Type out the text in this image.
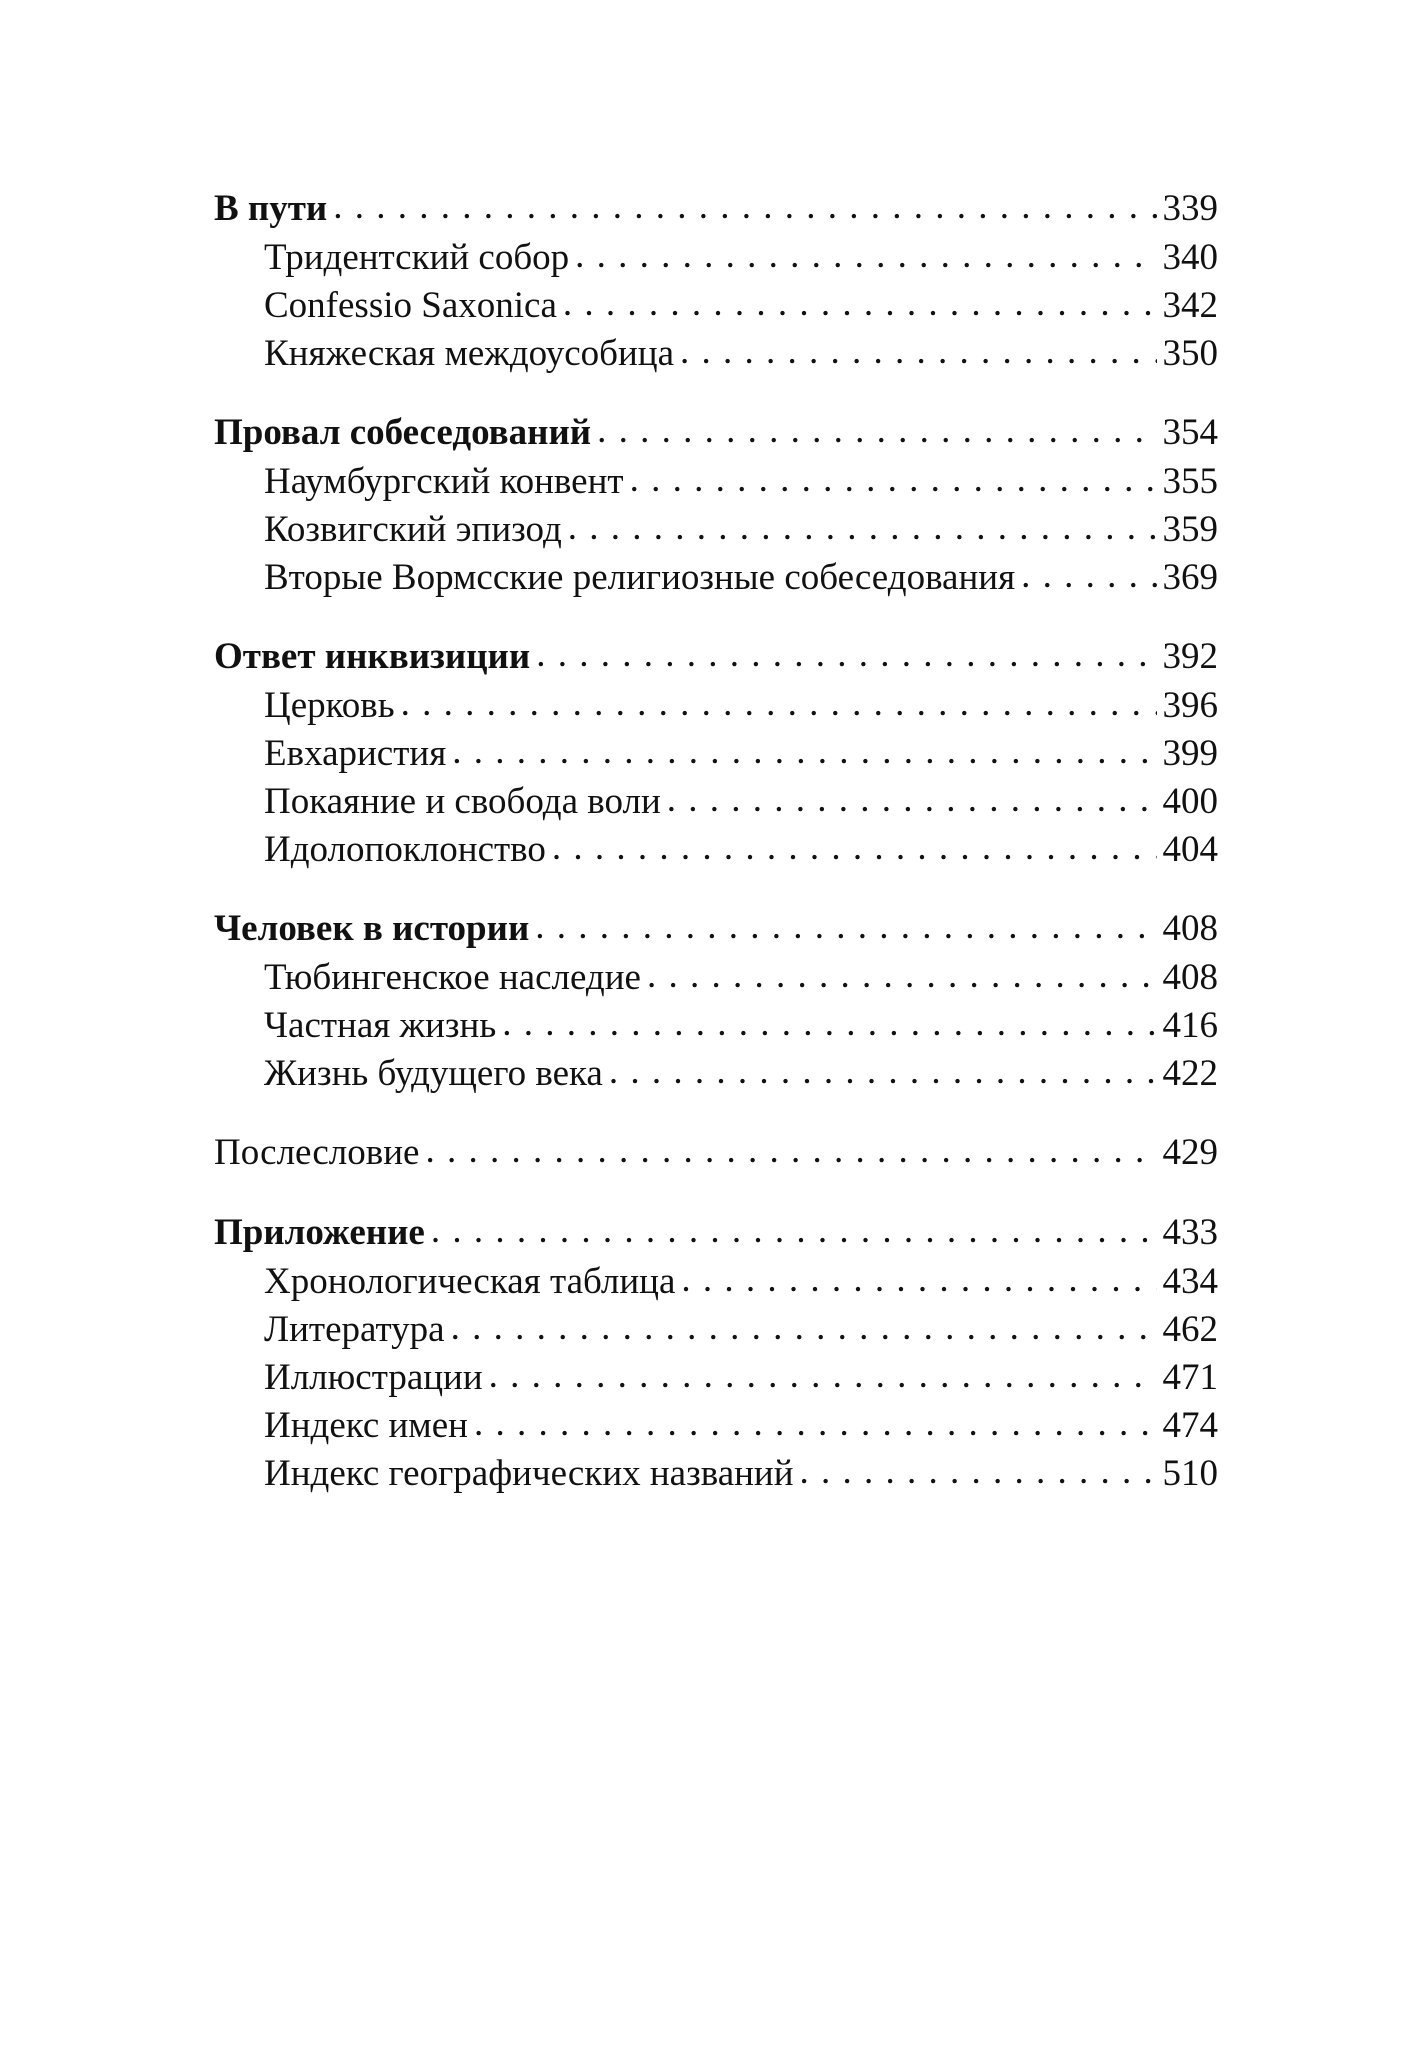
В пути . . .	339
Тридентский собор . . .	340
Confessio Saxonica . . .	342
Княжеская междоусобица . . .	350
Провал собеседований . . .	354
Наумбургский конвент . . .	355
Козвигский эпизод . . .	359
Вторые Вормсские религиозные собеседования . . .	369
Ответ инквизиции . . .	392
Церковь . . .	396
Евхаристия . . .	399
Покаяние и свобода воли . . .	400
Идолопоклонство . . .	404
Человек в истории . . .	408
Тюбингенское наследие . . .	408
Частная жизнь . . .	416
Жизнь будущего века . . .	422
Послесловие . . .	429
Приложение . . .	433
Хронологическая таблица . . .	434
Литература . . .	462
Иллюстрации . . .	471
Индекс имен . . .	474
Индекс географических названий . . .	510
